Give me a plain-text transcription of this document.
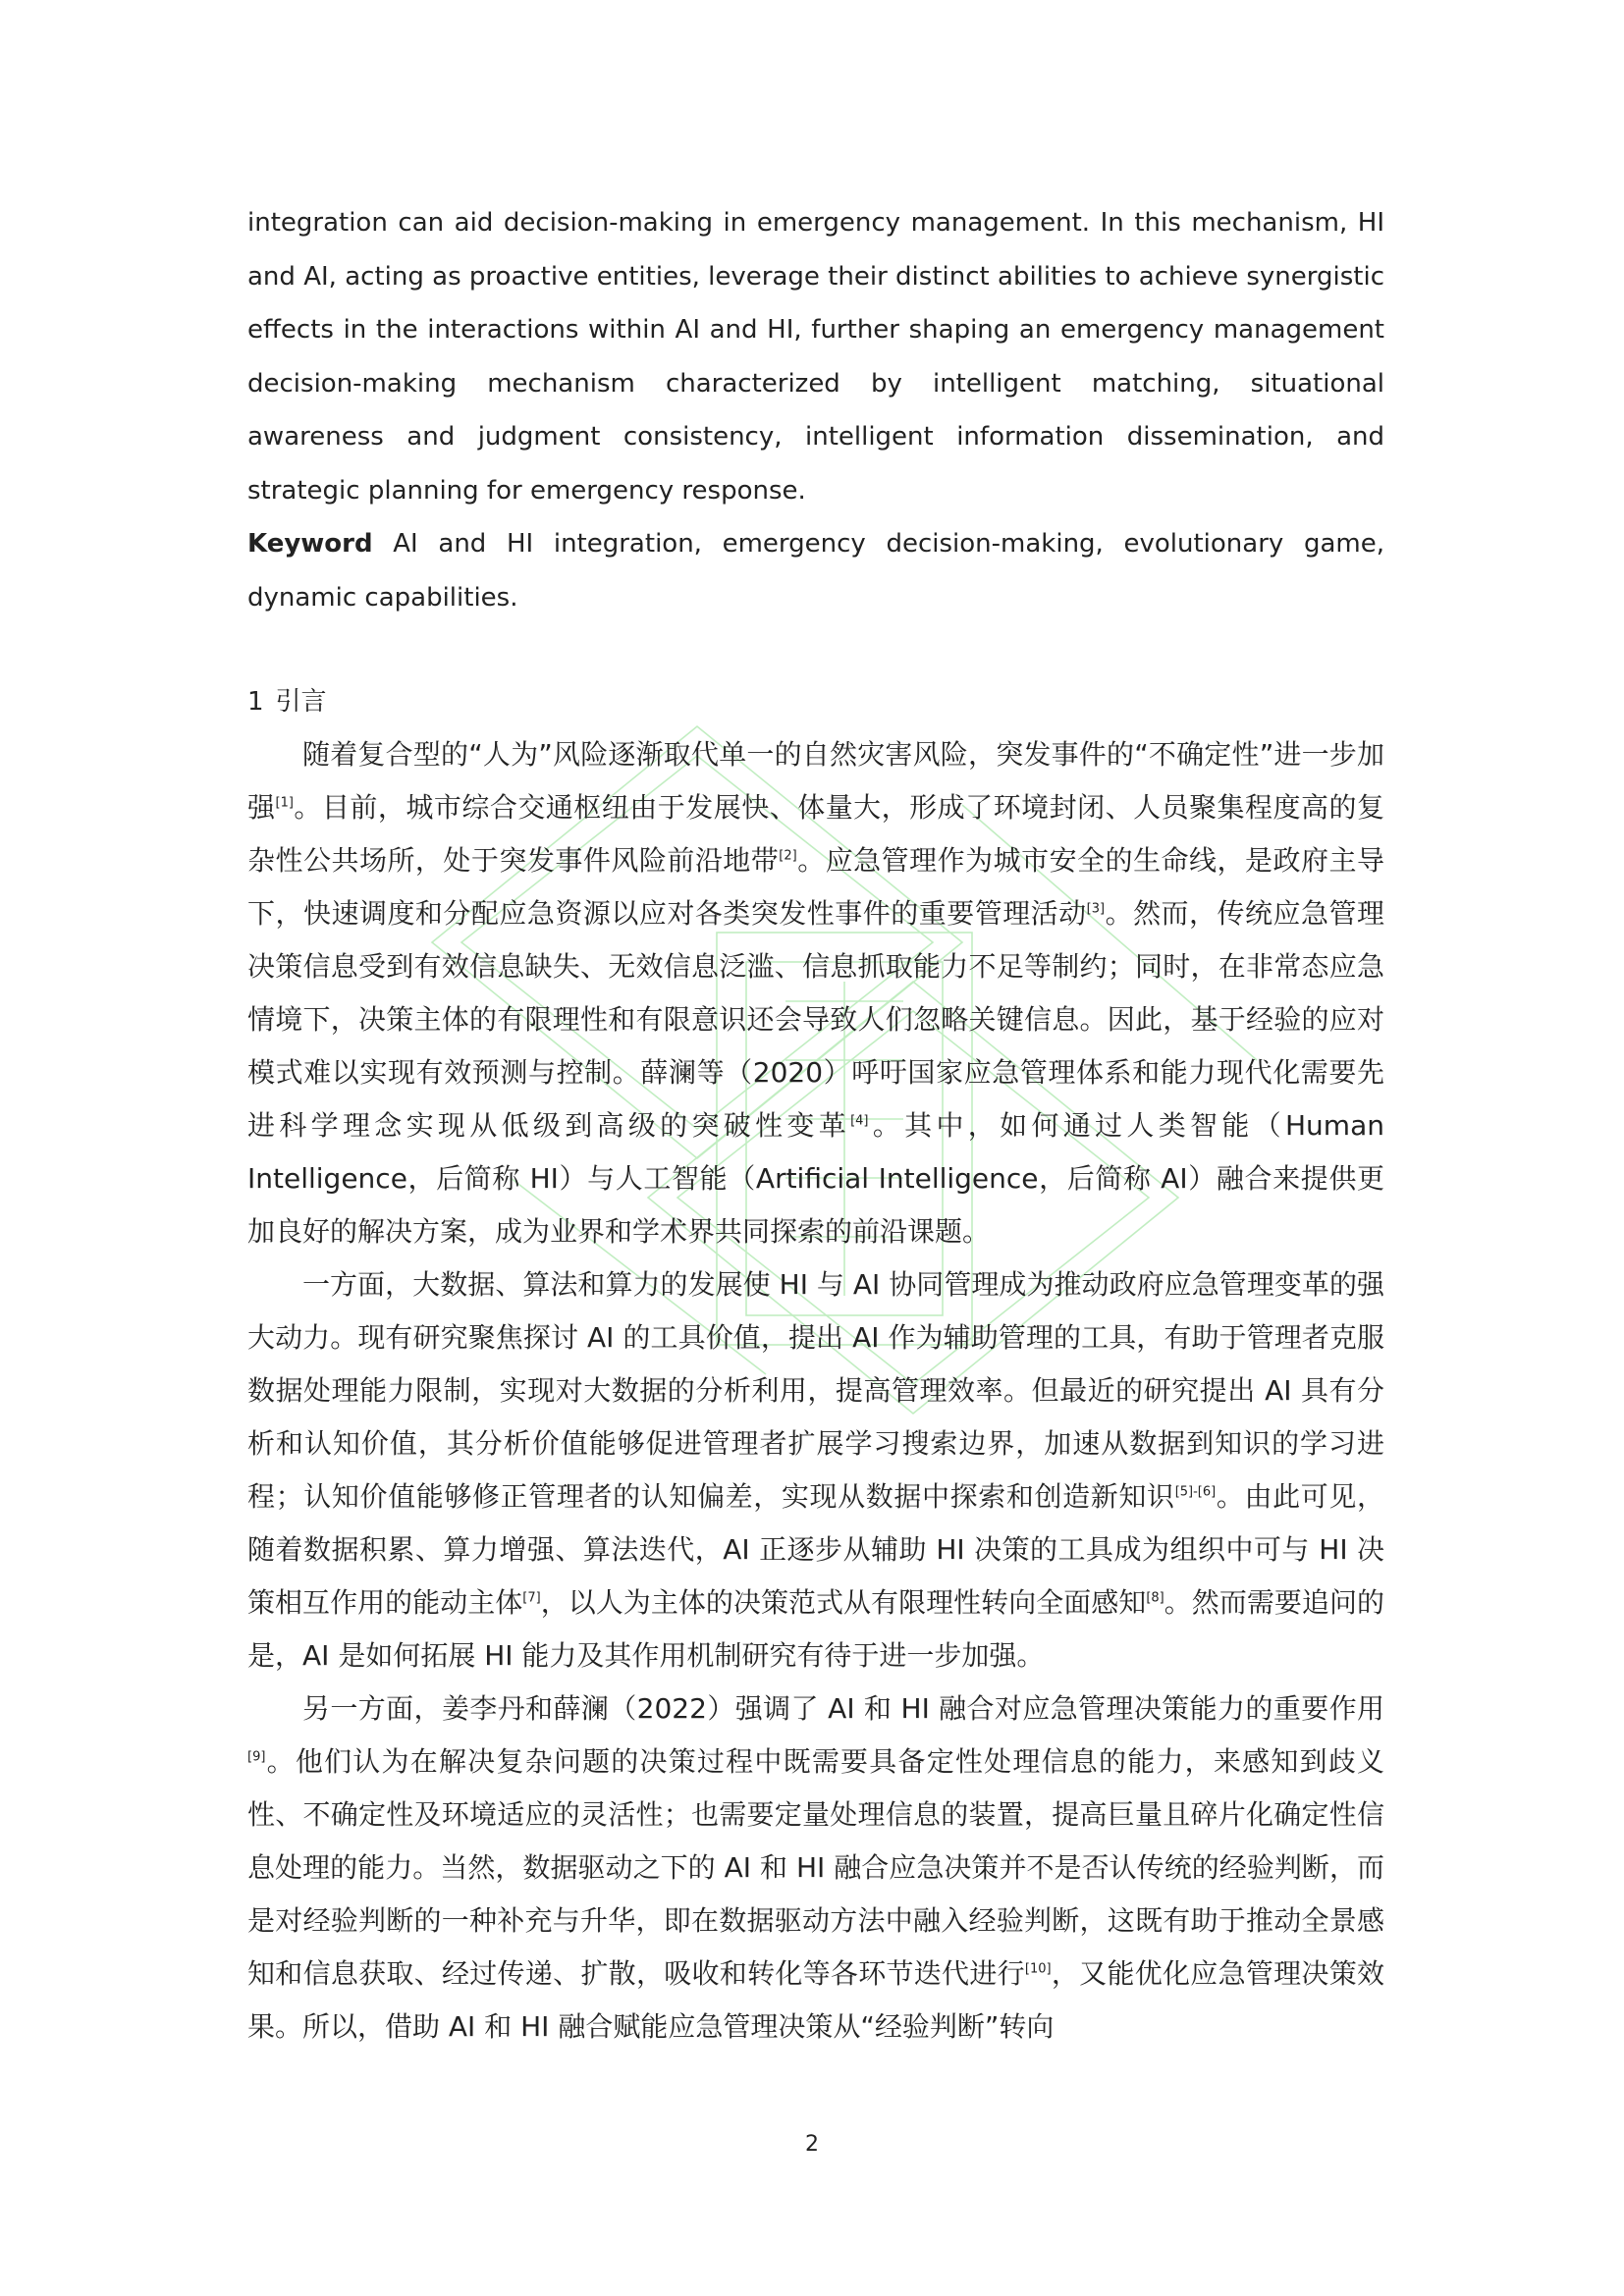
integration can aid decision-making in emergency management. In this mechanism, HI and AI, acting as proactive entities, leverage their distinct abilities to achieve synergistic effects in the interactions within AI and HI, further shaping an emergency management decision-making mechanism characterized by intelligent matching, situational awareness and judgment consistency, intelligent information dissemination, and strategic planning for emergency response.

Keyword AI and HI integration, emergency decision-making, evolutionary game, dynamic capabilities.

1 引言

随着复合型的“人为”风险逐渐取代单一的自然灾害风险，突发事件的“不确定性”进一步加强[1]。目前，城市综合交通枢纽由于发展快、体量大，形成了环境封闭、人员聚集程度高的复杂性公共场所，处于突发事件风险前沿地带[2]。应急管理作为城市安全的生命线，是政府主导下，快速调度和分配应急资源以应对各类突发性事件的重要管理活动[3]。然而，传统应急管理决策信息受到有效信息缺失、无效信息泛滥、信息抓取能力不足等制约；同时，在非常态应急情境下，决策主体的有限理性和有限意识还会导致人们忽略关键信息。因此，基于经验的应对模式难以实现有效预测与控制。薛澜等（2020）呼吁国家应急管理体系和能力现代化需要先进科学理念实现从低级到高级的突破性变革[4]。其中，如何通过人类智能（Human Intelligence，后简称 HI）与人工智能（Artificial Intelligence，后简称 AI）融合来提供更加良好的解决方案，成为业界和学术界共同探索的前沿课题。

一方面，大数据、算法和算力的发展使 HI 与 AI 协同管理成为推动政府应急管理变革的强大动力。现有研究聚焦探讨 AI 的工具价值，提出 AI 作为辅助管理的工具，有助于管理者克服数据处理能力限制，实现对大数据的分析利用，提高管理效率。但最近的研究提出 AI 具有分析和认知价值，其分析价值能够促进管理者扩展学习搜索边界，加速从数据到知识的学习进程；认知价值能够修正管理者的认知偏差，实现从数据中探索和创造新知识[5]-[6]。由此可见，随着数据积累、算力增强、算法迭代，AI 正逐步从辅助 HI 决策的工具成为组织中可与 HI 决策相互作用的能动主体[7]，以人为主体的决策范式从有限理性转向全面感知[8]。然而需要追问的是，AI 是如何拓展 HI 能力及其作用机制研究有待于进一步加强。

另一方面，姜李丹和薛澜（2022）强调了 AI 和 HI 融合对应急管理决策能力的重要作用[9]。他们认为在解决复杂问题的决策过程中既需要具备定性处理信息的能力，来感知到歧义性、不确定性及环境适应的灵活性；也需要定量处理信息的装置，提高巨量且碎片化确定性信息处理的能力。当然，数据驱动之下的 AI 和 HI 融合应急决策并不是否认传统的经验判断，而是对经验判断的一种补充与升华，即在数据驱动方法中融入经验判断，这既有助于推动全景感知和信息获取、经过传递、扩散，吸收和转化等各环节迭代进行[10]，又能优化应急管理决策效果。所以，借助 AI 和 HI 融合赋能应急管理决策从“经验判断”转向

2
